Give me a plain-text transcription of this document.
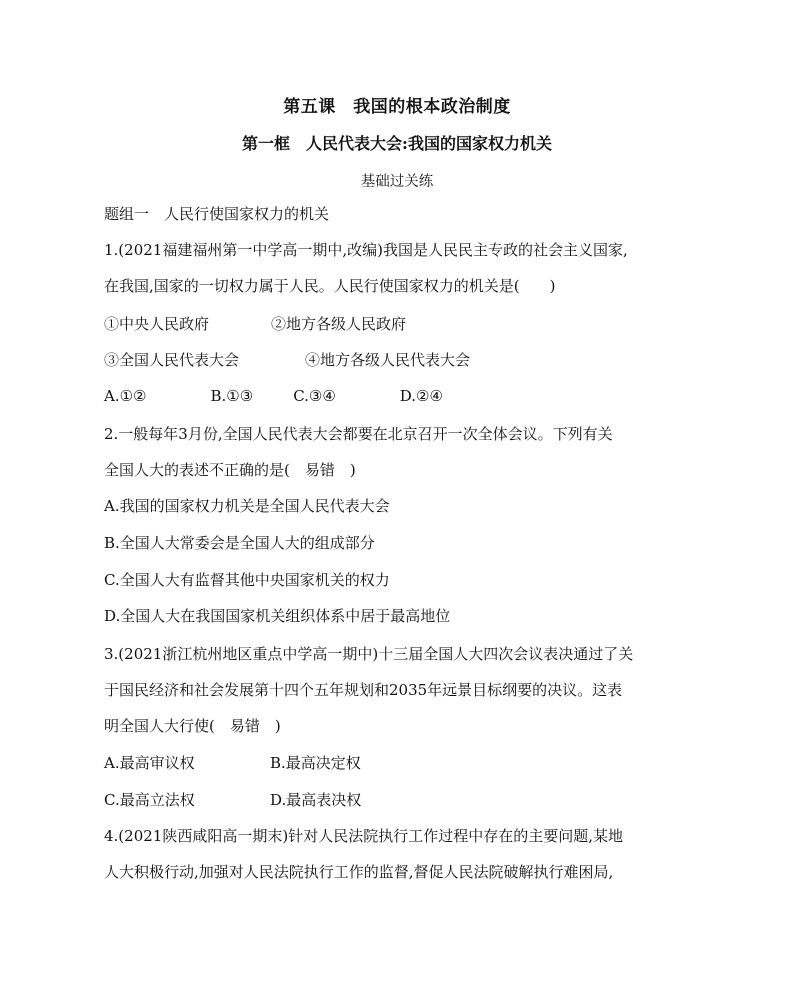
第五课　我国的根本政治制度
第一框　人民代表大会:我国的国家权力机关
基础过关练
题组一　人民行使国家权力的机关
1.(2021福建福州第一中学高一期中,改编)我国是人民民主专政的社会主义国家,
在我国,国家的一切权力属于人民。人民行使国家权力的机关是(　　)
①中央人民政府	②地方各级人民政府
③全国人民代表大会	④地方各级人民代表大会
A.①②	B.①③	C.③④	D.②④
2.一般每年3月份,全国人民代表大会都要在北京召开一次全体会议。下列有关
全国人大的表述不正确的是(　易错　)
A.我国的国家权力机关是全国人民代表大会
B.全国人大常委会是全国人大的组成部分
C.全国人大有监督其他中央国家机关的权力
D.全国人大在我国国家机关组织体系中居于最高地位
3.(2021浙江杭州地区重点中学高一期中)十三届全国人大四次会议表决通过了关
于国民经济和社会发展第十四个五年规划和2035年远景目标纲要的决议。这表
明全国人大行使(　易错　)
A.最高审议权	B.最高决定权
C.最高立法权	D.最高表决权
4.(2021陕西咸阳高一期末)针对人民法院执行工作过程中存在的主要问题,某地
人大积极行动,加强对人民法院执行工作的监督,督促人民法院破解执行难困局,
